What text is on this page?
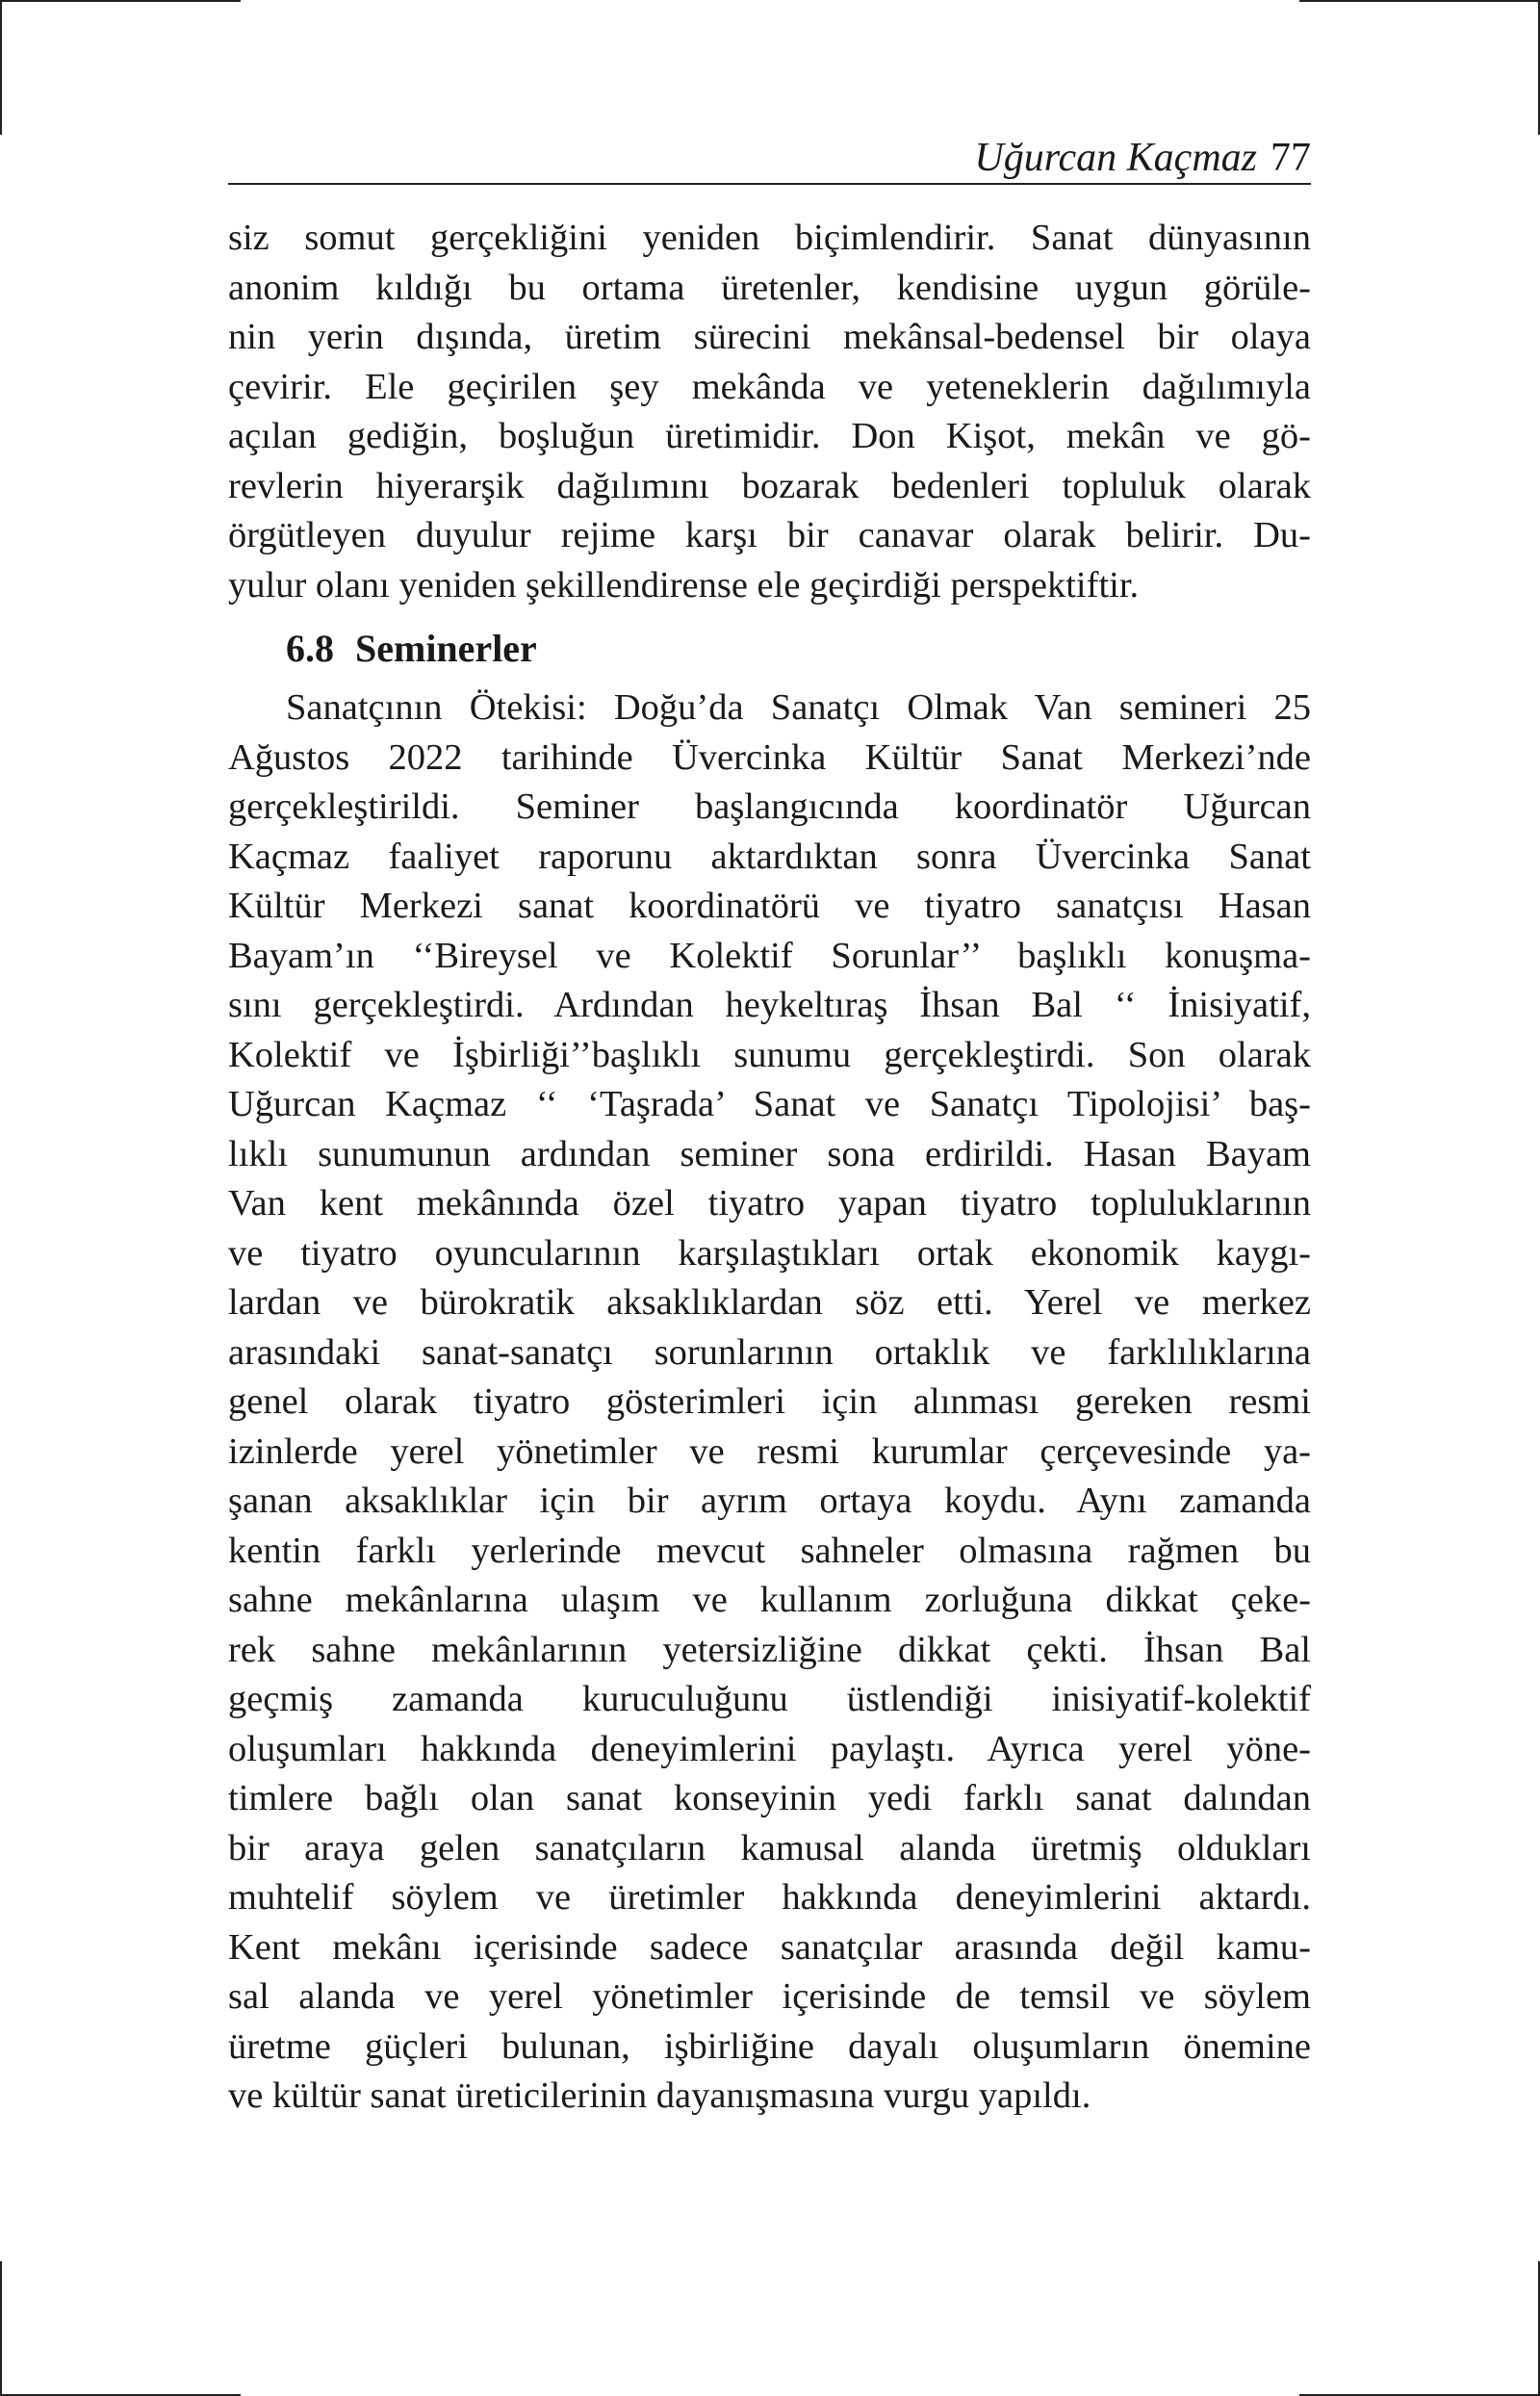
Uğurcan Kaçmaz 77
siz somut gerçekliğini yeniden biçimlendirir. Sanat dünyasının
anonim kıldığı bu ortama üretenler, kendisine uygun görüle-
nin yerin dışında, üretim sürecini mekânsal-bedensel bir olaya
çevirir. Ele geçirilen şey mekânda ve yeteneklerin dağılımıyla
açılan gediğin, boşluğun üretimidir. Don Kişot, mekân ve gö-
revlerin hiyerarşik dağılımını bozarak bedenleri topluluk olarak
örgütleyen duyulur rejime karşı bir canavar olarak belirir. Du-
yulur olanı yeniden şekillendirense ele geçirdiği perspektiftir.
6.8 Seminerler
Sanatçının Ötekisi: Doğu’da Sanatçı Olmak Van semineri 25
Ağustos 2022 tarihinde Üvercinka Kültür Sanat Merkezi’nde
gerçekleştirildi. Seminer başlangıcında koordinatör Uğurcan
Kaçmaz faaliyet raporunu aktardıktan sonra Üvercinka Sanat
Kültür Merkezi sanat koordinatörü ve tiyatro sanatçısı Hasan
Bayam’ın ‘‘Bireysel ve Kolektif Sorunlar’’ başlıklı konuşma-
sını gerçekleştirdi. Ardından heykeltıraş İhsan Bal ‘‘ İnisiyatif,
Kolektif ve İşbirliği’’başlıklı sunumu gerçekleştirdi. Son olarak
Uğurcan Kaçmaz ‘‘ ‘Taşrada’ Sanat ve Sanatçı Tipolojisi’ baş-
lıklı sunumunun ardından seminer sona erdirildi. Hasan Bayam
Van kent mekânında özel tiyatro yapan tiyatro topluluklarının
ve tiyatro oyuncularının karşılaştıkları ortak ekonomik kaygı-
lardan ve bürokratik aksaklıklardan söz etti. Yerel ve merkez
arasındaki sanat-sanatçı sorunlarının ortaklık ve farklılıklarına
genel olarak tiyatro gösterimleri için alınması gereken resmi
izinlerde yerel yönetimler ve resmi kurumlar çerçevesinde ya-
şanan aksaklıklar için bir ayrım ortaya koydu. Aynı zamanda
kentin farklı yerlerinde mevcut sahneler olmasına rağmen bu
sahne mekânlarına ulaşım ve kullanım zorluğuna dikkat çeke-
rek sahne mekânlarının yetersizliğine dikkat çekti. İhsan Bal
geçmiş zamanda kuruculuğunu üstlendiği inisiyatif-kolektif
oluşumları hakkında deneyimlerini paylaştı. Ayrıca yerel yöne-
timlere bağlı olan sanat konseyinin yedi farklı sanat dalından
bir araya gelen sanatçıların kamusal alanda üretmiş oldukları
muhtelif söylem ve üretimler hakkında deneyimlerini aktardı.
Kent mekânı içerisinde sadece sanatçılar arasında değil kamu-
sal alanda ve yerel yönetimler içerisinde de temsil ve söylem
üretme güçleri bulunan, işbirliğine dayalı oluşumların önemine
ve kültür sanat üreticilerinin dayanışmasına vurgu yapıldı.
